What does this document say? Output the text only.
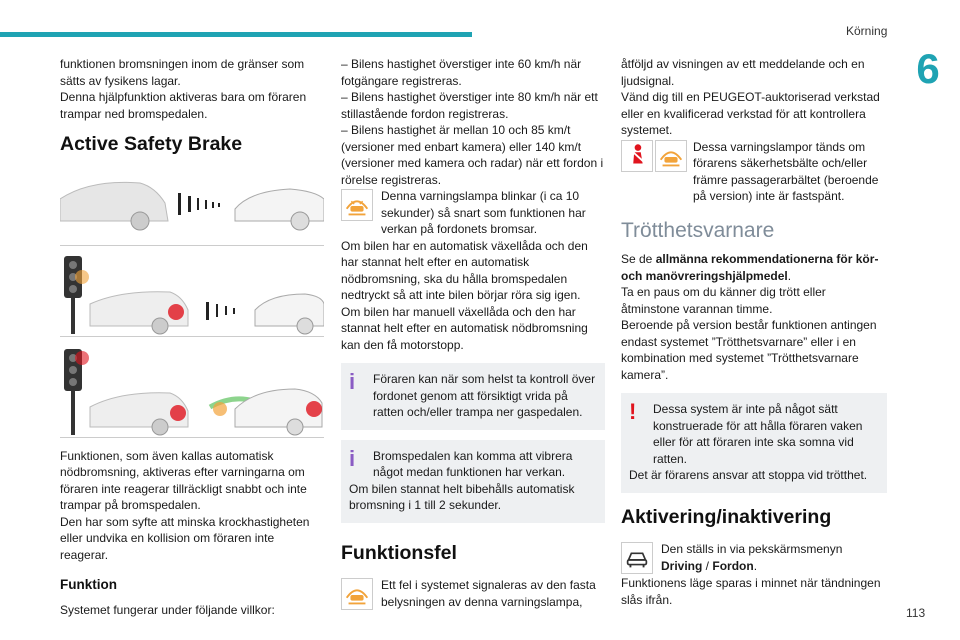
Körning
6
113

funktionen bromsningen inom de gränser som sätts av fysikens lagar.

Denna hjälpfunktion aktiveras bara om föraren trampar ned bromspedalen.

Active Safety Brake

Funktionen, som även kallas automatisk nödbromsning, aktiveras efter varningarna om föraren inte reagerar tillräckligt snabbt och inte trampar på bromspedalen.

Den har som syfte att minska krockhastigheten eller undvika en kollision om föraren inte reagerar.

Funktion

Systemet fungerar under följande villkor:

– Bilens hastighet överstiger inte 60 km/h när fotgängare registreras.

– Bilens hastighet överstiger inte 80 km/h när ett stillastående fordon registreras.

– Bilens hastighet är mellan 10 och 85 km/t (versioner med enbart kamera) eller 140 km/t (versioner med kamera och radar) när ett fordon i rörelse registreras.

Denna varningslampa blinkar (i ca 10 sekunder) så snart som funktionen har verkan på fordonets bromsar.

Om bilen har en automatisk växellåda och den har stannat helt efter en automatisk nödbromsning, ska du hålla bromspedalen nedtryckt så att inte bilen börjar röra sig igen.

Om bilen har manuell växellåda och den har stannat helt efter en automatisk nödbromsning kan den få motorstopp.

i	Föraren kan när som helst ta kontroll över fordonet genom att försiktigt vrida på ratten och/eller trampa ner gaspedalen.

i	Bromspedalen kan komma att vibrera något medan funktionen har verkan.

Om bilen stannat helt bibehålls automatisk bromsning i 1 till 2 sekunder.

Funktionsfel
Ett fel i systemet signaleras av den fasta belysningen av denna varningslampa,

åtföljd av visningen av ett meddelande och en ljudsignal.

Vänd dig till en PEUGEOT-auktoriserad verkstad eller en kvalificerad verkstad för att kontrollera systemet.

Dessa varningslampor tänds om förarens säkerhetsbälte och/eller främre passagerarbältet (beroende på version) inte är fastspänt.
Trötthetsvarnare

Se de allmänna rekommendationerna för kör och manövreringshjälpmedel.

Ta en paus om du känner dig trött eller åtminstone varannan timme.

Beroende på version består funktionen antingen endast systemet ”Trötthetsvarnare” eller i en kombination med systemet ”Trötthetsvarnare kamera”.

!	Dessa system är inte på något sätt konstruerade för att hålla föraren vaken eller för att föraren inte ska somna vid ratten.

Det är förarens ansvar att stoppa vid trötthet.

Aktivering/inaktivering
Den ställs in via pekskärmsmenyn Driving / Fordon.

Funktionens läge sparas i minnet när tändningen slås ifrån.
